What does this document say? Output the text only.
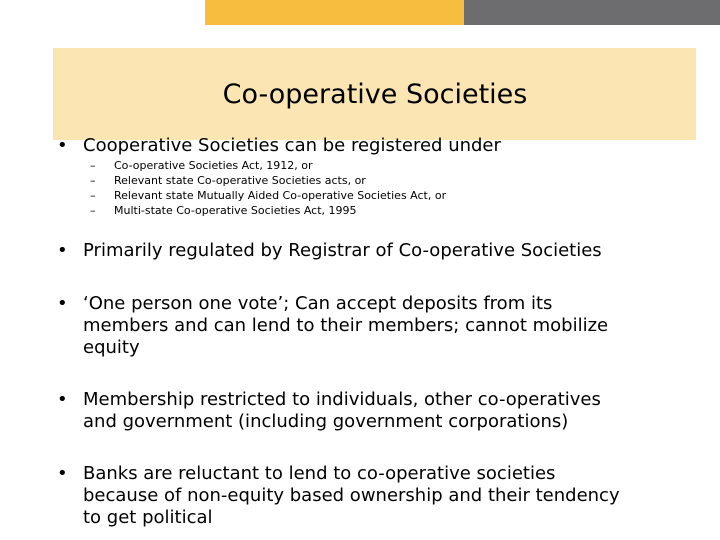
Co-operative Societies
• Cooperative Societies can be registered under
– Co-operative Societies Act, 1912, or
– Relevant state Co-operative Societies acts, or
– Relevant state Mutually Aided Co-operative Societies Act, or
– Multi-state Co-operative Societies Act, 1995
• Primarily regulated by Registrar of Co-operative Societies
• ‘One person one vote’; Can accept deposits from its
members and can lend to their members; cannot mobilize
equity
• Membership restricted to individuals, other co-operatives
and government (including government corporations)
• Banks are reluctant to lend to co-operative societies
because of non-equity based ownership and their tendency
to get political
